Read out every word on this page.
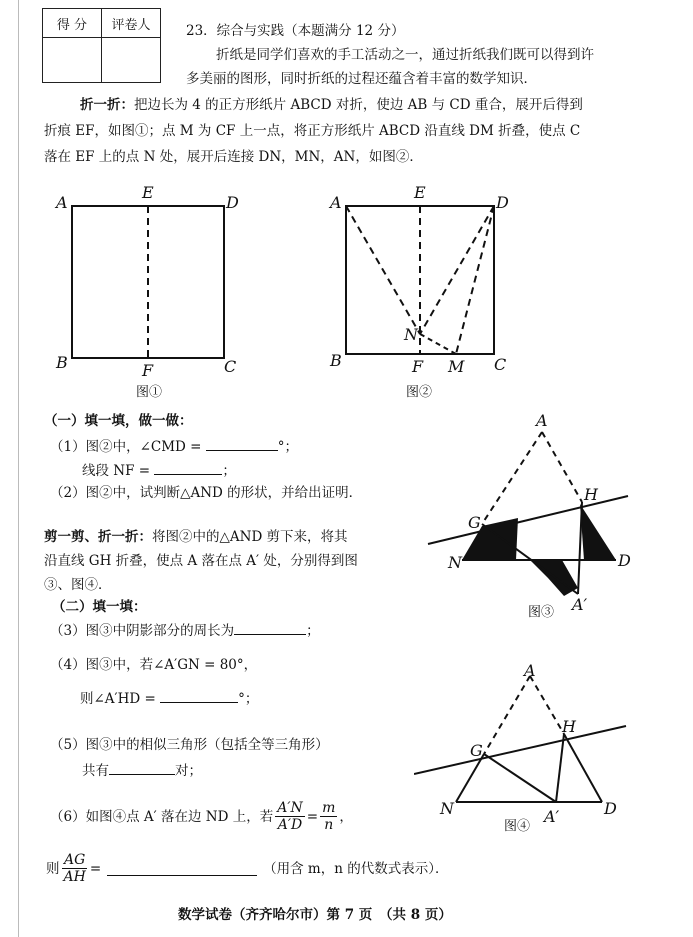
得 分	评卷人
		23．综合与实践（本题满分 12 分）
折纸是同学们喜欢的手工活动之一，通过折纸我们既可以得到许
多美丽的图形，同时折纸的过程还蕴含着丰富的数学知识．
折一折：把边长为 4 的正方形纸片 ABCD 对折，使边 AB 与 CD 重合，展开后得到
折痕 EF，如图①；点 M 为 CF 上一点，将正方形纸片 ABCD 沿直线 DM 折叠，使点 C
落在 EF 上的点 N 处，展开后连接 DN，MN，AN，如图②．
A
E
D
B	F	C
图①
A
E
D
N
B	F M C
图②
（一）填一填，做一做：
（1）图②中，∠CMD =	°；
线段 NF =	；
（2）图②中，试判断△AND 的形状，并给出证明．
剪一剪、折一折：将图②中的△AND 剪下来，将其
沿直线 GH 折叠，使点 A 落在点 A′ 处，分别得到图
③、图④．
A
G
H
N	D
A′
图③
（二）填一填：
（3）图③中阴影部分的周长为	；
（4）图③中，若∠A′GN = 80°，
则∠A′HD =	°；
（5）图③中的相似三角形（包括全等三角形）
共有	对；
（6）如图④点 A′ 落在边 ND 上，若 $\frac{A'N}{A'D} = \frac{m}{n}$ ，
则 $\frac{AG}{AH}$ =	（用含 m，n 的代数式表示）．
A
G
H
N	D
A′
图④
数学试卷（齐齐哈尔市）第 7 页　（共 8 页）
